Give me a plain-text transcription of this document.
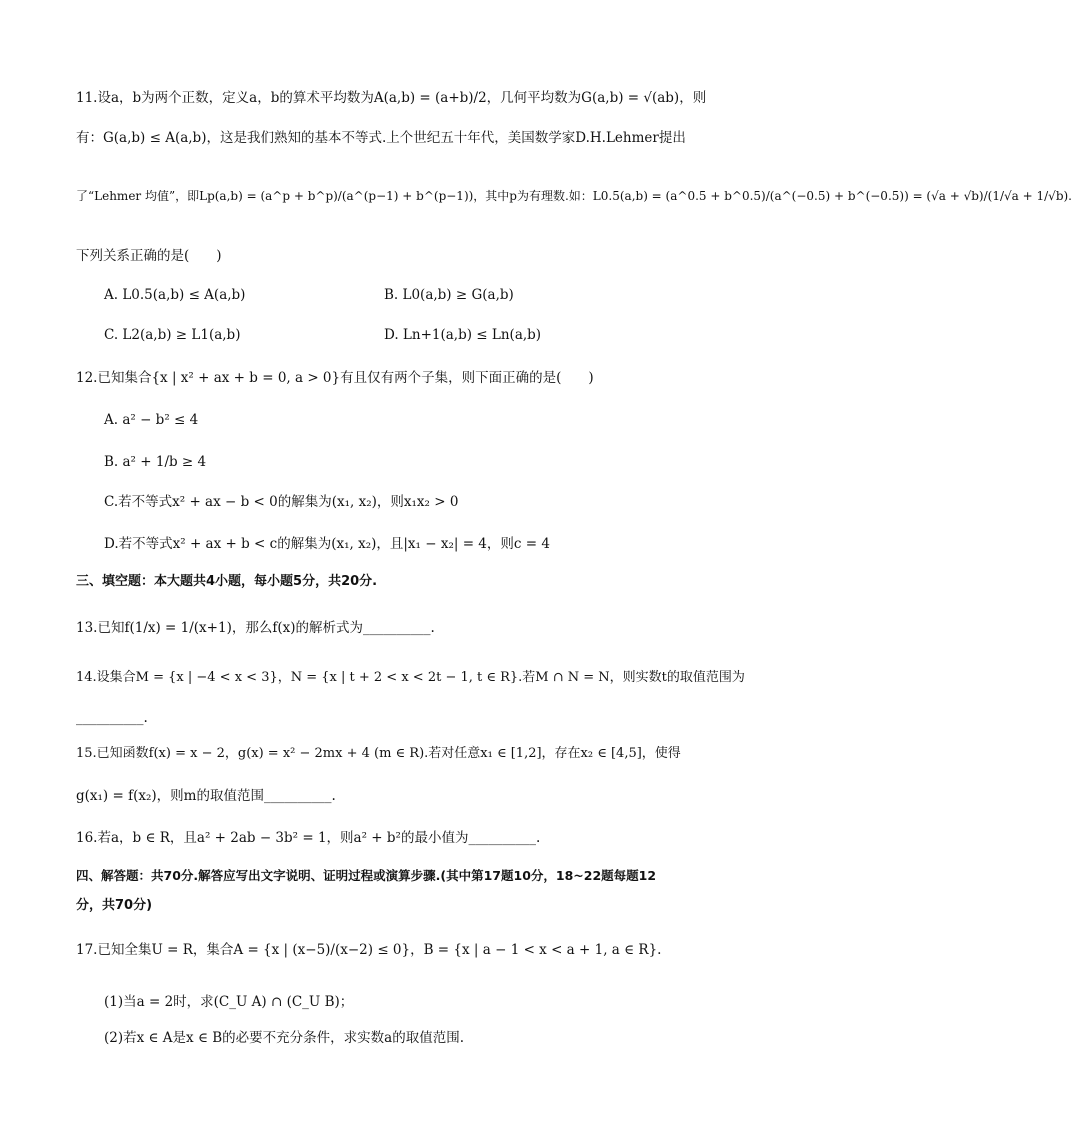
11.设a，b为两个正数，定义a，b的算术平均数为A(a,b) = (a+b)/2，几何平均数为G(a,b) = √(ab)，则
有：G(a,b) ≤ A(a,b)，这是我们熟知的基本不等式.上个世纪五十年代，美国数学家D.H.Lehmer提出
了“Lehmer 均值”，即Lp(a,b) = (a^p + b^p)/(a^(p−1) + b^(p−1))，其中p为有理数.如：L0.5(a,b) = (a^0.5 + b^0.5)/(a^(−0.5) + b^(−0.5)) = (√a + √b)/(1/√a + 1/√b).
下列关系正确的是(　　)
A. L0.5(a,b) ≤ A(a,b)	B. L0(a,b) ≥ G(a,b)
C. L2(a,b) ≥ L1(a,b)	D. Ln+1(a,b) ≤ Ln(a,b)
12.已知集合{x | x² + ax + b = 0, a > 0}有且仅有两个子集，则下面正确的是(　　)
A. a² − b² ≤ 4
B. a² + 1/b ≥ 4
C.若不等式x² + ax − b < 0的解集为(x₁, x₂)，则x₁x₂ > 0
D.若不等式x² + ax + b < c的解集为(x₁, x₂)，且|x₁ − x₂| = 4，则c = 4
三、填空题：本大题共4小题，每小题5分，共20分.
13.已知f(1/x) = 1/(x+1)，那么f(x)的解析式为__________.
14.设集合M = {x | −4 < x < 3}，N = {x | t + 2 < x < 2t − 1, t ∈ R}.若M ∩ N = N，则实数t的取值范围为
__________.
15.已知函数f(x) = x − 2，g(x) = x² − 2mx + 4 (m ∈ R).若对任意x₁ ∈ [1,2]，存在x₂ ∈ [4,5]，使得
g(x₁) = f(x₂)，则m的取值范围__________.
16.若a，b ∈ R，且a² + 2ab − 3b² = 1，则a² + b²的最小值为__________.
四、解答题：共70分.解答应写出文字说明、证明过程或演算步骤.(其中第17题10分，18~22题每题12
分，共70分)
17.已知全集U = R，集合A = {x | (x−5)/(x−2) ≤ 0}，B = {x | a − 1 < x < a + 1, a ∈ R}.
(1)当a = 2时，求(C_U A) ∩ (C_U B)；
(2)若x ∈ A是x ∈ B的必要不充分条件，求实数a的取值范围.
